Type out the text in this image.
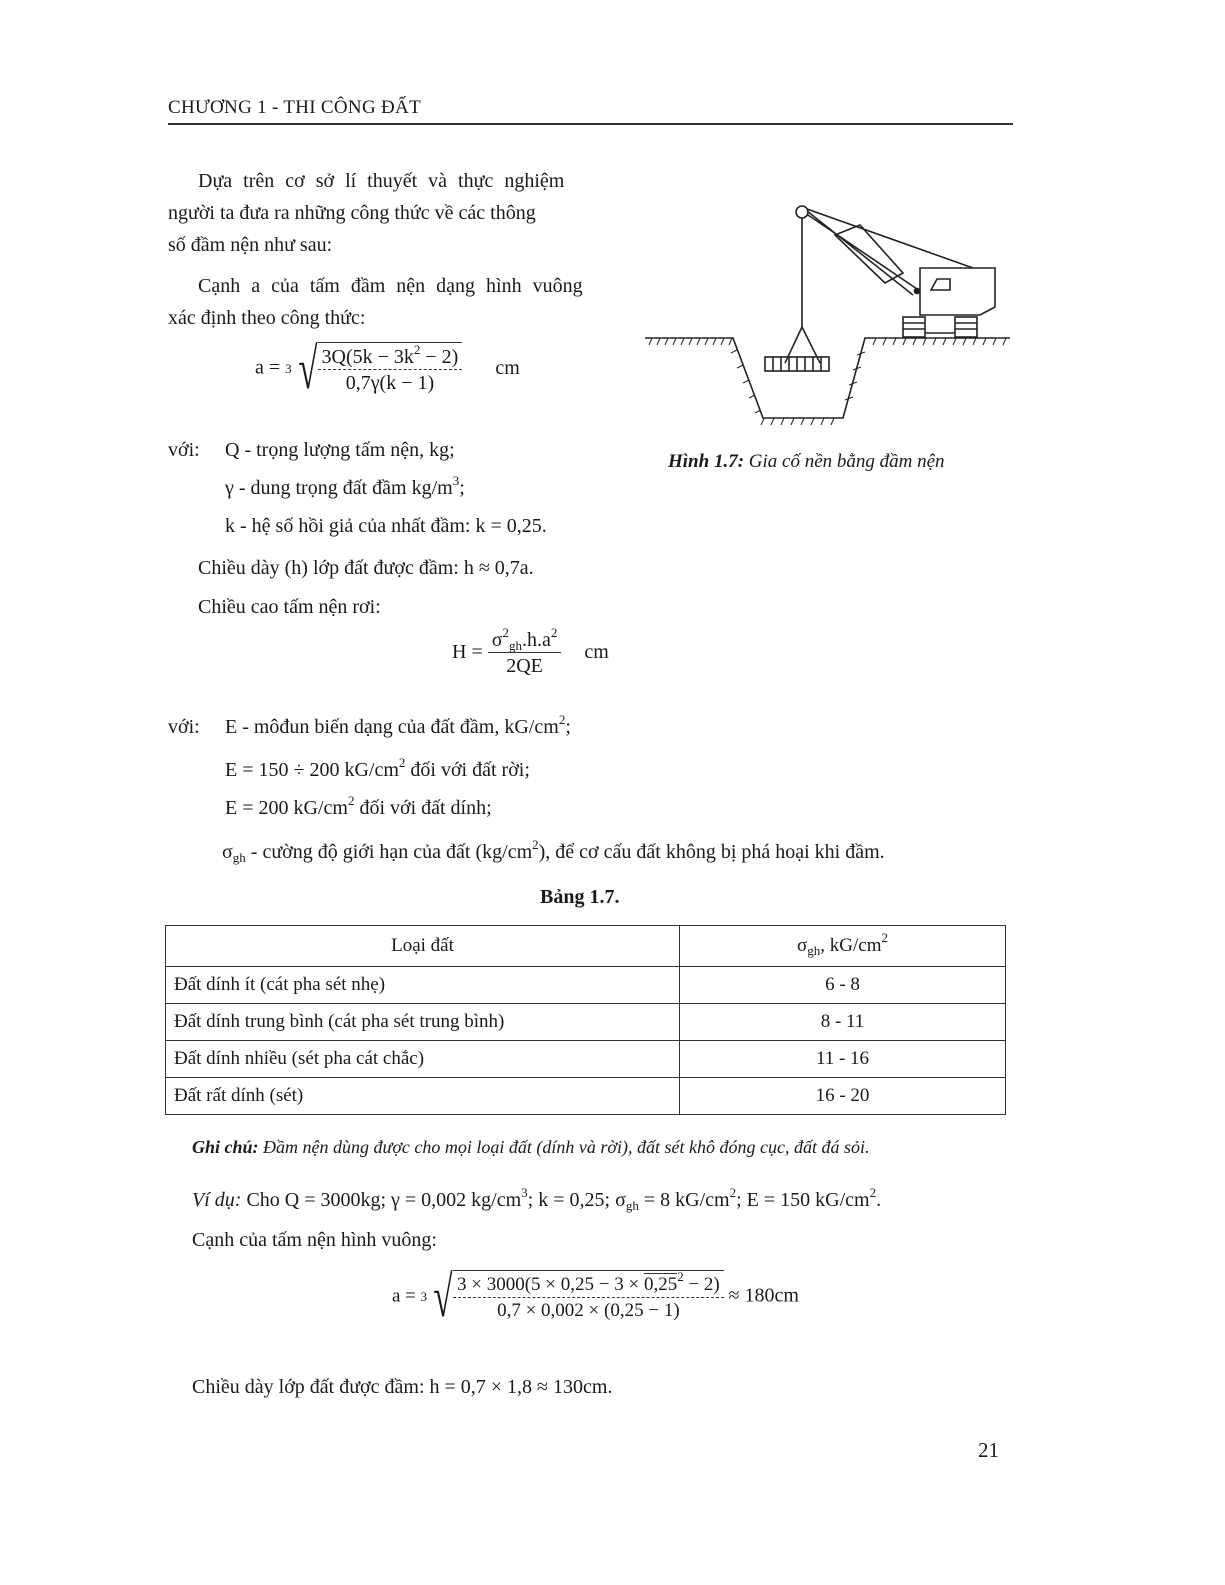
CHƯƠNG 1 - THI CÔNG ĐẤT
Dựa trên cơ sở lí thuyết và thực nghiệm
người ta đưa ra những công thức về các thông
số đầm nện như sau:
Cạnh a của tấm đầm nện dạng hình vuông
xác định theo công thức:
a = 3 √ $\frac{3Q(5k - 3k^2 - 2)}{0,7\gamma(k - 1)}$ cm
với: Q - trọng lượng tấm nện, kg;
γ - dung trọng đất đầm $kg/m^3$;
k - hệ số hồi giả của nhất đầm: k = 0,25.
Chiều dày (h) lớp đất được đầm: h ≈ 0,7a.
Chiều cao tấm nện rơi:
$H = \frac{\sigma^2_{gh}.h.a^2}{2QE}$ cm
với: E - môđun biến dạng của đất đầm, $kG/cm^2$;
E = 150 ÷ 200 $kG/cm^2$ đối với đất rời;
E = 200 $kG/cm^2$ đối với đất dính;
$\sigma_{gh}$ - cường độ giới hạn của đất $(kg/cm^2)$, để cơ cấu đất không bị phá hoại khi đầm.
Hình 1.7: Gia cố nền bằng đầm nện
Bảng 1.7.
Loại đất	$\sigma_{gh}$, $kG/cm^2$
Đất dính ít (cát pha sét nhẹ)	6 - 8
Đất dính trung bình (cát pha sét trung bình)	8 - 11
Đất dính nhiều (sét pha cát chắc)	11 - 16
Đất rất dính (sét)	16 - 20
Ghi chú: Đầm nện dùng được cho mọi loại đất (dính và rời), đất sét khô đóng cục, đất đá sỏi.
Ví dụ: Cho Q = 3000kg; γ = 0,002 $kg/cm^3$; k = 0,25; $\sigma_{gh} = 8$ $kG/cm^2$; E = 150 $kG/cm^2$.
Cạnh của tấm nện hình vuông:
a = 3 √ $\frac{3 \times 3000(5 \times 0,25 - 3 \times 0,25^2 - 2)}{0,7 \times 0,002 \times (0,25 - 1)} \approx 180cm$
Chiều dày lớp đất được đầm: h = 0,7 × 1,8 ≈ 130cm.
21
